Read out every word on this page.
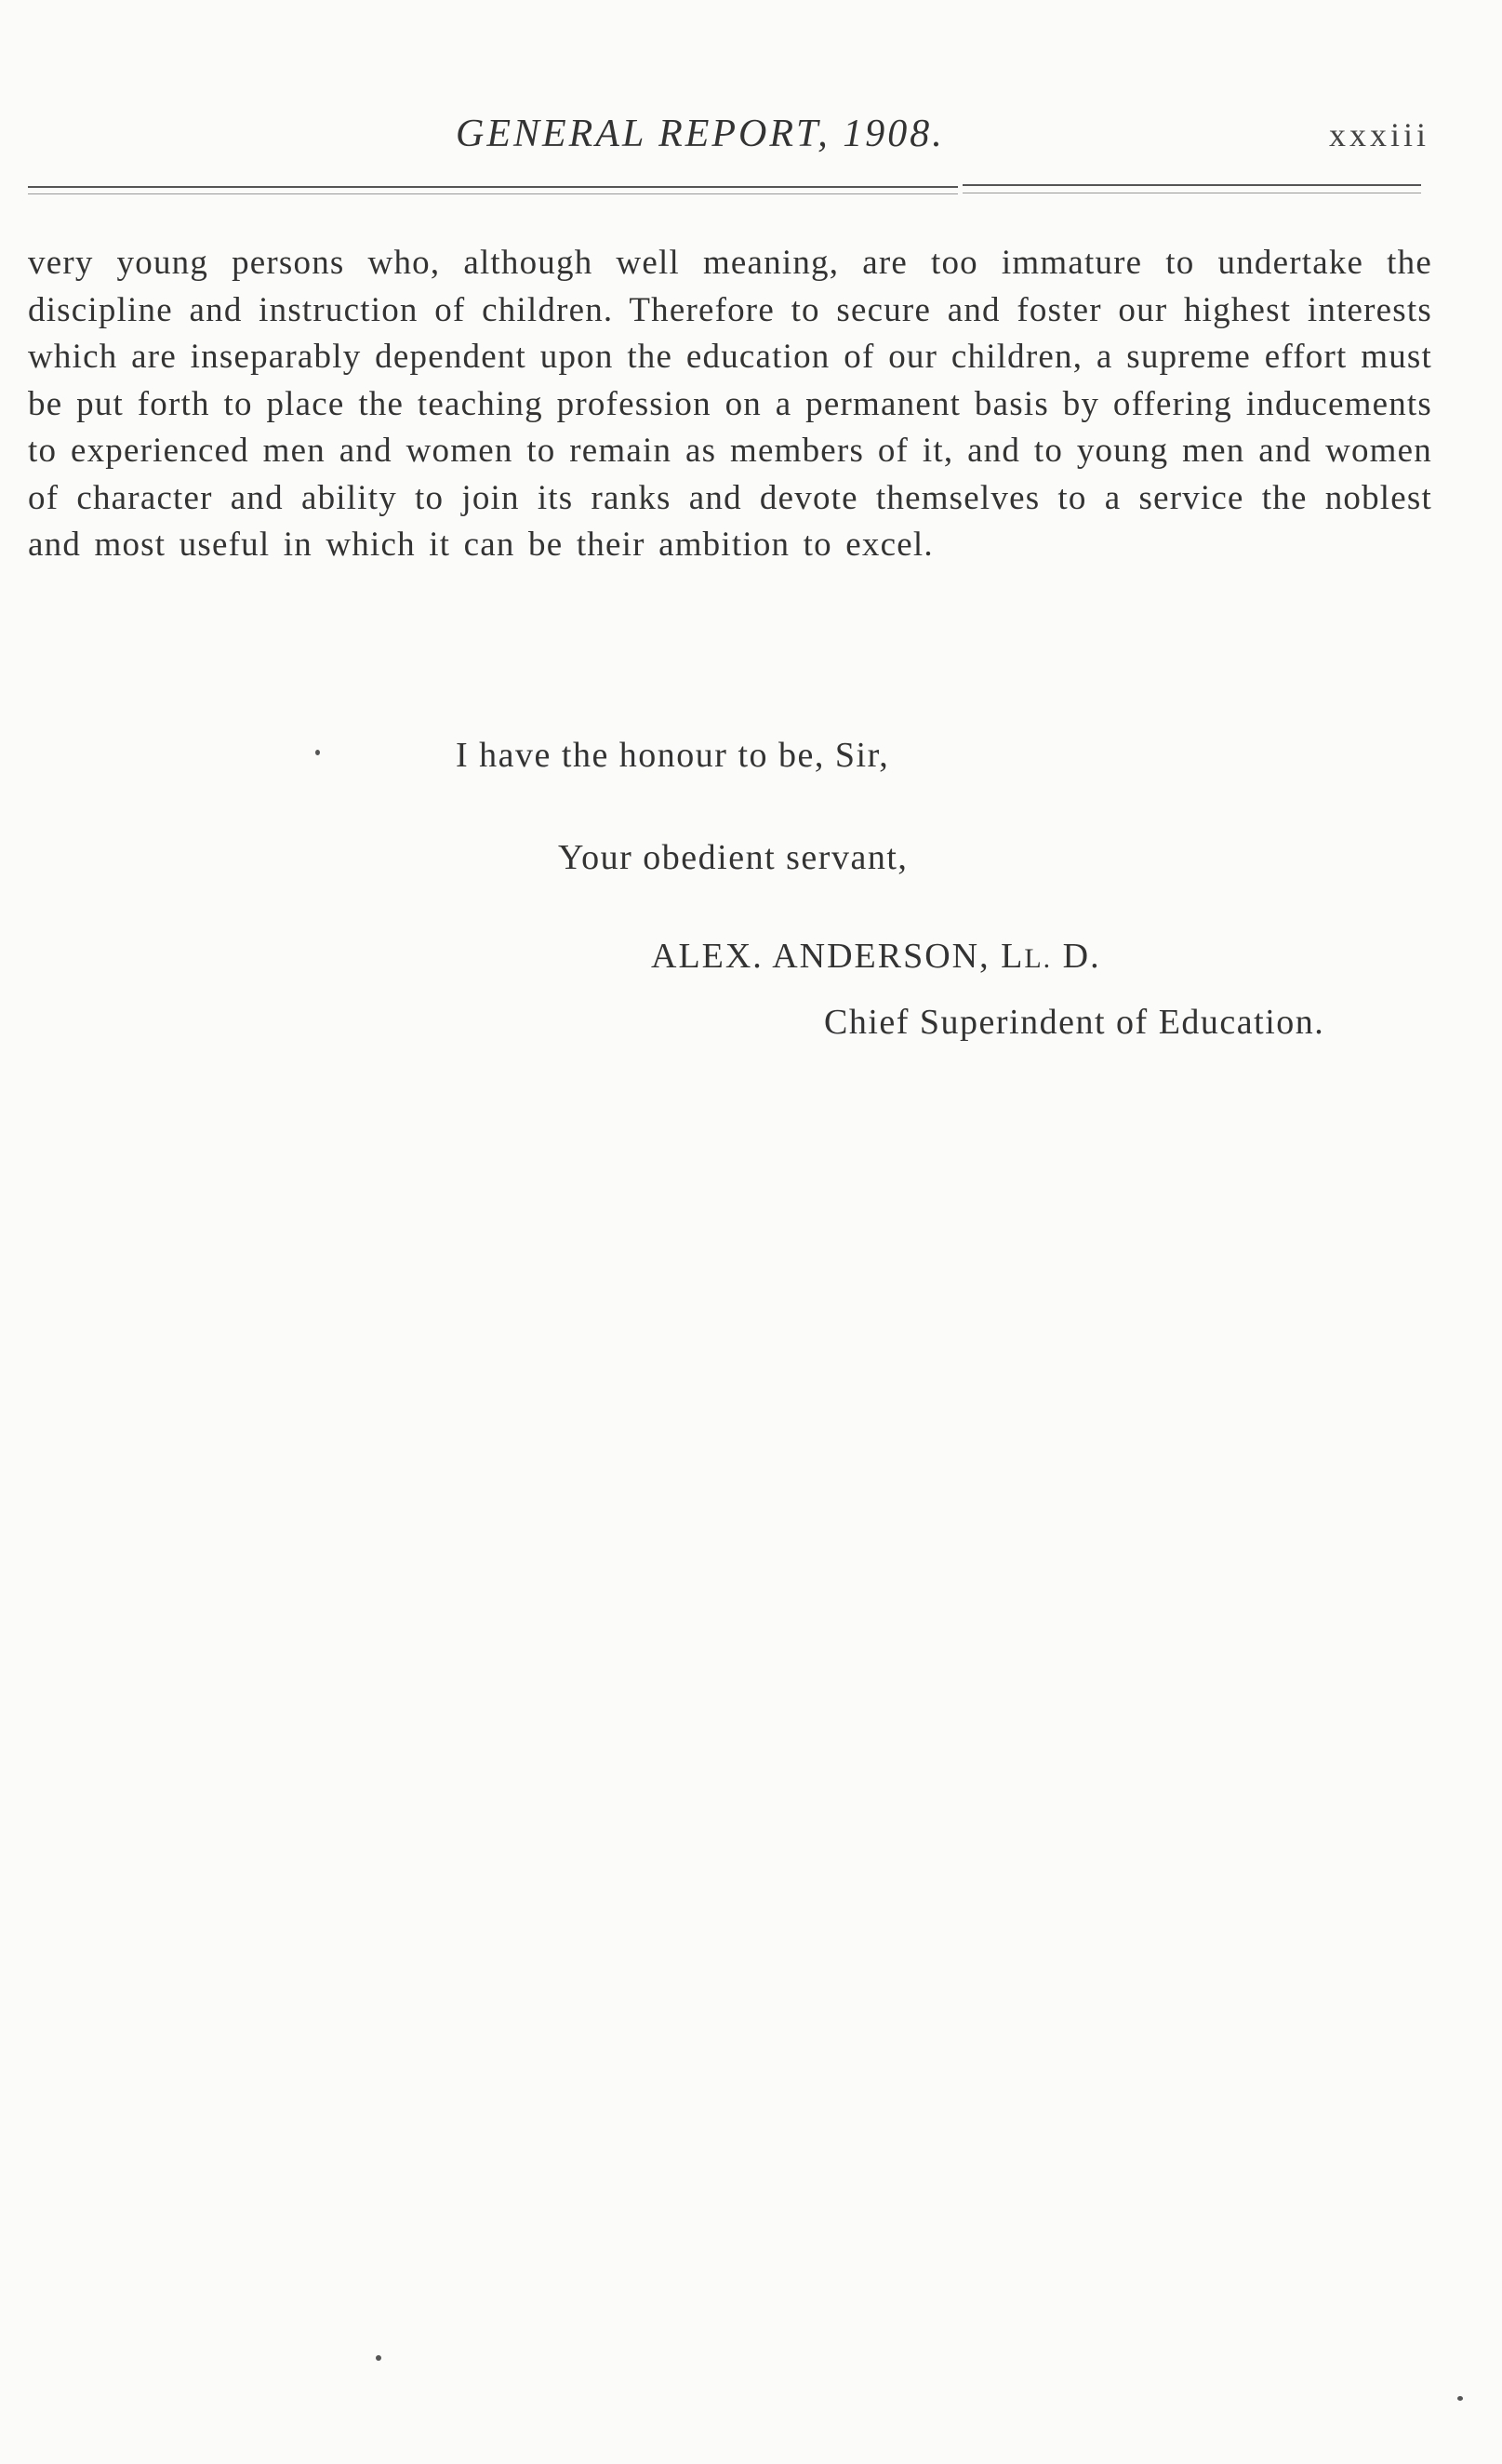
GENERAL REPORT, 1908.	xxxiii
very young persons who, although well meaning, are too immature to undertake the discipline and instruction of children. Therefore to secure and foster our highest interests which are inseparably dependent upon the education of our children, a supreme effort must be put forth to place the teaching profession on a permanent basis by offering inducements to experienced men and women to remain as members of it, and to young men and women of character and ability to join its ranks and devote themselves to a service the noblest and most useful in which it can be their ambition to excel.
I have the honour to be, Sir,
Your obedient servant,
ALEX. ANDERSON, LL. D.
Chief Superindent of Education.
